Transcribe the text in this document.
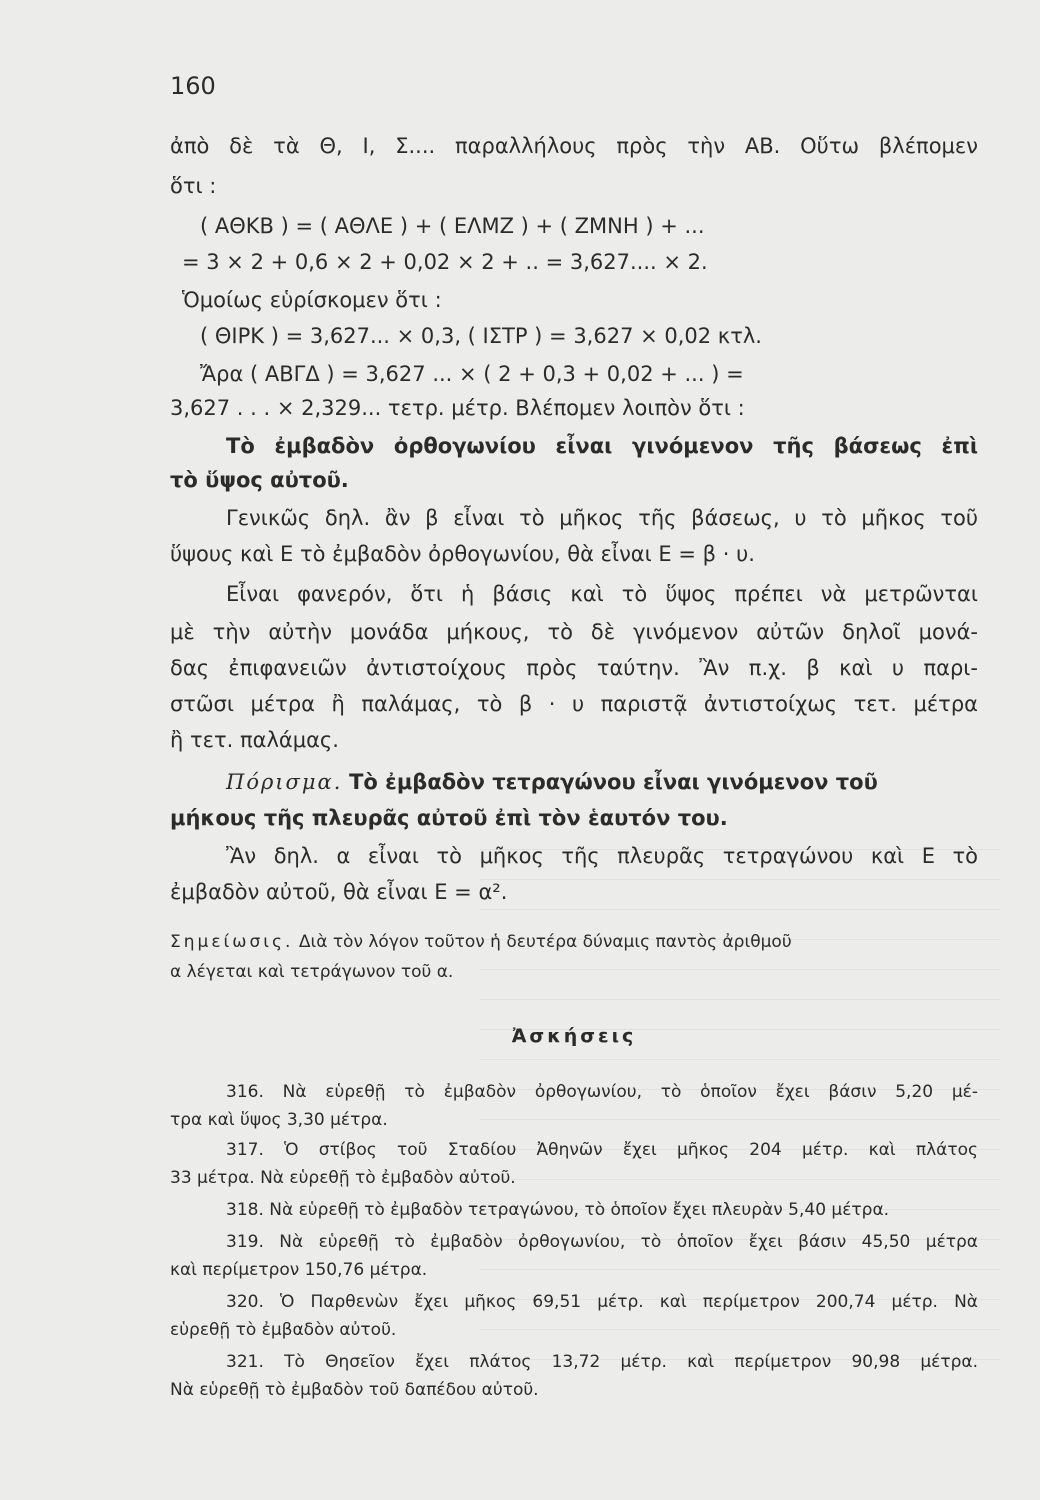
160
ἀπὸ δὲ τὰ Θ, Ι, Σ.... παραλλήλους πρὸς τὴν ΑΒ. Οὕτω βλέπομεν
ὅτι :
( ΑΘΚΒ ) = ( ΑΘΛΕ ) + ( ΕΛΜΖ ) + ( ΖΜΝΗ ) + ...
= 3 × 2 + 0,6 × 2 + 0,02 × 2 + .. = 3,627.... × 2.
Ὁμοίως εὑρίσκομεν ὅτι :
( ΘΙΡΚ ) = 3,627... × 0,3, ( ΙΣΤΡ ) = 3,627 × 0,02 κτλ.
Ἄρα ( ΑΒΓΔ ) = 3,627 ... × ( 2 + 0,3 + 0,02 + ... ) =
3,627 . . . × 2,329... τετρ. μέτρ. Βλέπομεν λοιπὸν ὅτι :
Τὸ ἐμβαδὸν ὀρθογωνίου εἶναι γινόμενον τῆς βάσεως ἐπὶ
τὸ ὕψος αὐτοῦ.
Γενικῶς δηλ. ἂν β εἶναι τὸ μῆκος τῆς βάσεως, υ τὸ μῆκος τοῦ
ὕψους καὶ Ε τὸ ἐμβαδὸν ὀρθογωνίου, θὰ εἶναι Ε = β · υ.
Εἶναι φανερόν, ὅτι ἡ βάσις καὶ τὸ ὕψος πρέπει νὰ μετρῶνται
μὲ τὴν αὐτὴν μονάδα μήκους, τὸ δὲ γινόμενον αὐτῶν δηλοῖ μονά-
δας ἐπιφανειῶν ἀντιστοίχους πρὸς ταύτην. Ἂν π.χ. β καὶ υ παρι-
στῶσι μέτρα ἢ παλάμας, τὸ β · υ παριστᾷ ἀντιστοίχως τετ. μέτρα
ἢ τετ. παλάμας.
Πόρισμα. Τὸ ἐμβαδὸν τετραγώνου εἶναι γινόμενον τοῦ
μήκους τῆς πλευρᾶς αὐτοῦ ἐπὶ τὸν ἑαυτόν του.
Ἂν δηλ. α εἶναι τὸ μῆκος τῆς πλευρᾶς τετραγώνου καὶ Ε τὸ
ἐμβαδὸν αὐτοῦ, θὰ εἶναι Ε = α².
Σημείωσις. Διὰ τὸν λόγον τοῦτον ἡ δευτέρα δύναμις παντὸς ἀριθμοῦ
α λέγεται καὶ τετράγωνον τοῦ α.
Ἀσκήσεις
316. Νὰ εὑρεθῇ τὸ ἐμβαδὸν ὀρθογωνίου, τὸ ὁποῖον ἔχει βάσιν 5,20 μέ-
τρα καὶ ὕψος 3,30 μέτρα.
317. Ὁ στίβος τοῦ Σταδίου Ἀθηνῶν ἔχει μῆκος 204 μέτρ. καὶ πλάτος
33 μέτρα. Νὰ εὑρεθῇ τὸ ἐμβαδὸν αὐτοῦ.
318. Νὰ εὑρεθῇ τὸ ἐμβαδὸν τετραγώνου, τὸ ὁποῖον ἔχει πλευρὰν 5,40 μέτρα.
319. Νὰ εὑρεθῇ τὸ ἐμβαδὸν ὀρθογωνίου, τὸ ὁποῖον ἔχει βάσιν 45,50 μέτρα
καὶ περίμετρον 150,76 μέτρα.
320. Ὁ Παρθενὼν ἔχει μῆκος 69,51 μέτρ. καὶ περίμετρον 200,74 μέτρ. Νὰ
εὑρεθῇ τὸ ἐμβαδὸν αὐτοῦ.
321. Τὸ Θησεῖον ἔχει πλάτος 13,72 μέτρ. καὶ περίμετρον 90,98 μέτρα.
Νὰ εὑρεθῇ τὸ ἐμβαδὸν τοῦ δαπέδου αὐτοῦ.
